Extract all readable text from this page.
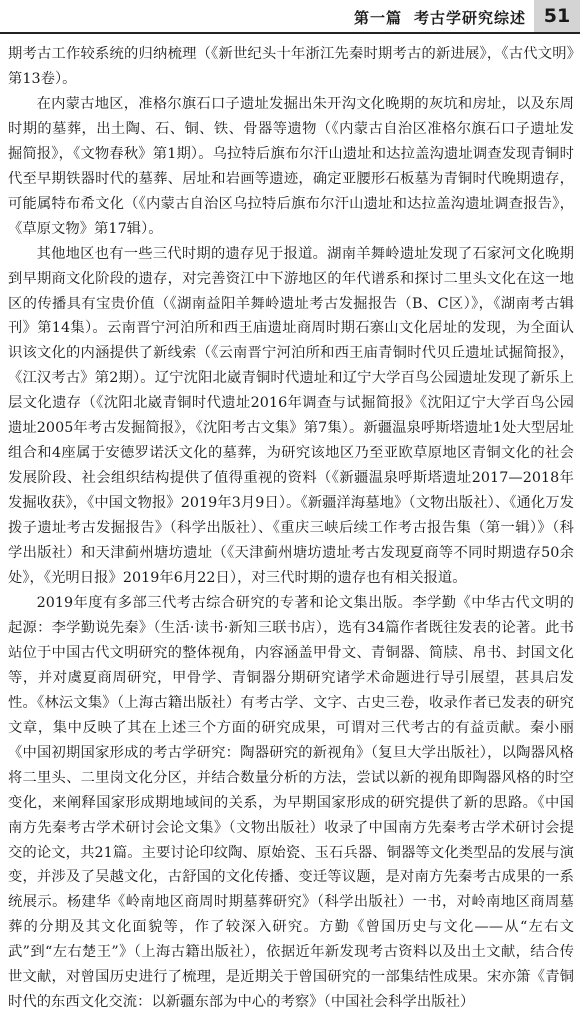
第一篇 考古学研究综述 51

期考古工作较系统的归纳梳理（《新世纪头十年浙江先秦时期考古的新进展》，《古代文明》第13卷）。

在内蒙古地区，准格尔旗石口子遗址发掘出朱开沟文化晚期的灰坑和房址，以及东周时期的墓葬，出土陶、石、铜、铁、骨器等遗物（《内蒙古自治区准格尔旗石口子遗址发掘简报》，《文物春秋》第1期）。乌拉特后旗布尔汗山遗址和达拉盖沟遗址调查发现青铜时代至早期铁器时代的墓葬、居址和岩画等遗迹，确定亚腰形石板墓为青铜时代晚期遗存，可能属特布希文化（《内蒙古自治区乌拉特后旗布尔汗山遗址和达拉盖沟遗址调查报告》，《草原文物》第17辑）。

其他地区也有一些三代时期的遗存见于报道。湖南羊舞岭遗址发现了石家河文化晚期到早期商文化阶段的遗存，对完善资江中下游地区的年代谱系和探讨二里头文化在这一地区的传播具有宝贵价值（《湖南益阳羊舞岭遗址考古发掘报告（B、C区）》，《湖南考古辑刊》第14集）。云南晋宁河泊所和西王庙遗址商周时期石寨山文化居址的发现，为全面认识该文化的内涵提供了新线索（《云南晋宁河泊所和西王庙青铜时代贝丘遗址试掘简报》，《江汉考古》第2期）。辽宁沈阳北崴青铜时代遗址和辽宁大学百鸟公园遗址发现了新乐上层文化遗存（《沈阳北崴青铜时代遗址2016年调查与试掘简报》《沈阳辽宁大学百鸟公园遗址2005年考古发掘简报》，《沈阳考古文集》第7集）。新疆温泉呼斯塔遗址1处大型居址组合和4座属于安德罗诺沃文化的墓葬，为研究该地区乃至亚欧草原地区青铜文化的社会发展阶段、社会组织结构提供了值得重视的资料（《新疆温泉呼斯塔遗址2017—2018年发掘收获》，《中国文物报》2019年3月9日）。《新疆洋海墓地》（文物出版社）、《通化万发拨子遗址考古发掘报告》（科学出版社）、《重庆三峡后续工作考古报告集（第一辑）》（科学出版社）和天津蓟州塘坊遗址（《天津蓟州塘坊遗址考古发现夏商等不同时期遗存50余处》，《光明日报》2019年6月22日），对三代时期的遗存也有相关报道。

2019年度有多部三代考古综合研究的专著和论文集出版。李学勤《中华古代文明的起源：李学勤说先秦》（生活·读书·新知三联书店），选有34篇作者既往发表的论著。此书站位于中国古代文明研究的整体视角，内容涵盖甲骨文、青铜器、简牍、帛书、封国文化等，并对虞夏商周研究，甲骨学、青铜器分期研究诸学术命题进行导引展望，甚具启发性。《林沄文集》（上海古籍出版社）有考古学、文字、古史三卷，收录作者已发表的研究文章，集中反映了其在上述三个方面的研究成果，可谓对三代考古的有益贡献。秦小丽《中国初期国家形成的考古学研究：陶器研究的新视角》（复旦大学出版社），以陶器风格将二里头、二里岗文化分区，并结合数量分析的方法，尝试以新的视角即陶器风格的时空变化，来阐释国家形成期地域间的关系，为早期国家形成的研究提供了新的思路。《中国南方先秦考古学术研讨会论文集》（文物出版社）收录了中国南方先秦考古学术研讨会提交的论文，共21篇。主要讨论印纹陶、原始瓷、玉石兵器、铜器等文化类型品的发展与演变，并涉及了吴越文化，古舒国的文化传播、变迁等议题，是对南方先秦考古成果的一系统展示。杨建华《岭南地区商周时期墓葬研究》（科学出版社）一书，对岭南地区商周墓葬的分期及其文化面貌等，作了较深入研究。方勤《曾国历史与文化——从“左右文武”到“左右楚王”》（上海古籍出版社），依据近年新发现考古资料以及出土文献，结合传世文献，对曾国历史进行了梳理，是近期关于曾国研究的一部集结性成果。宋亦箫《青铜时代的东西文化交流：以新疆东部为中心的考察》（中国社会科学出版社）
